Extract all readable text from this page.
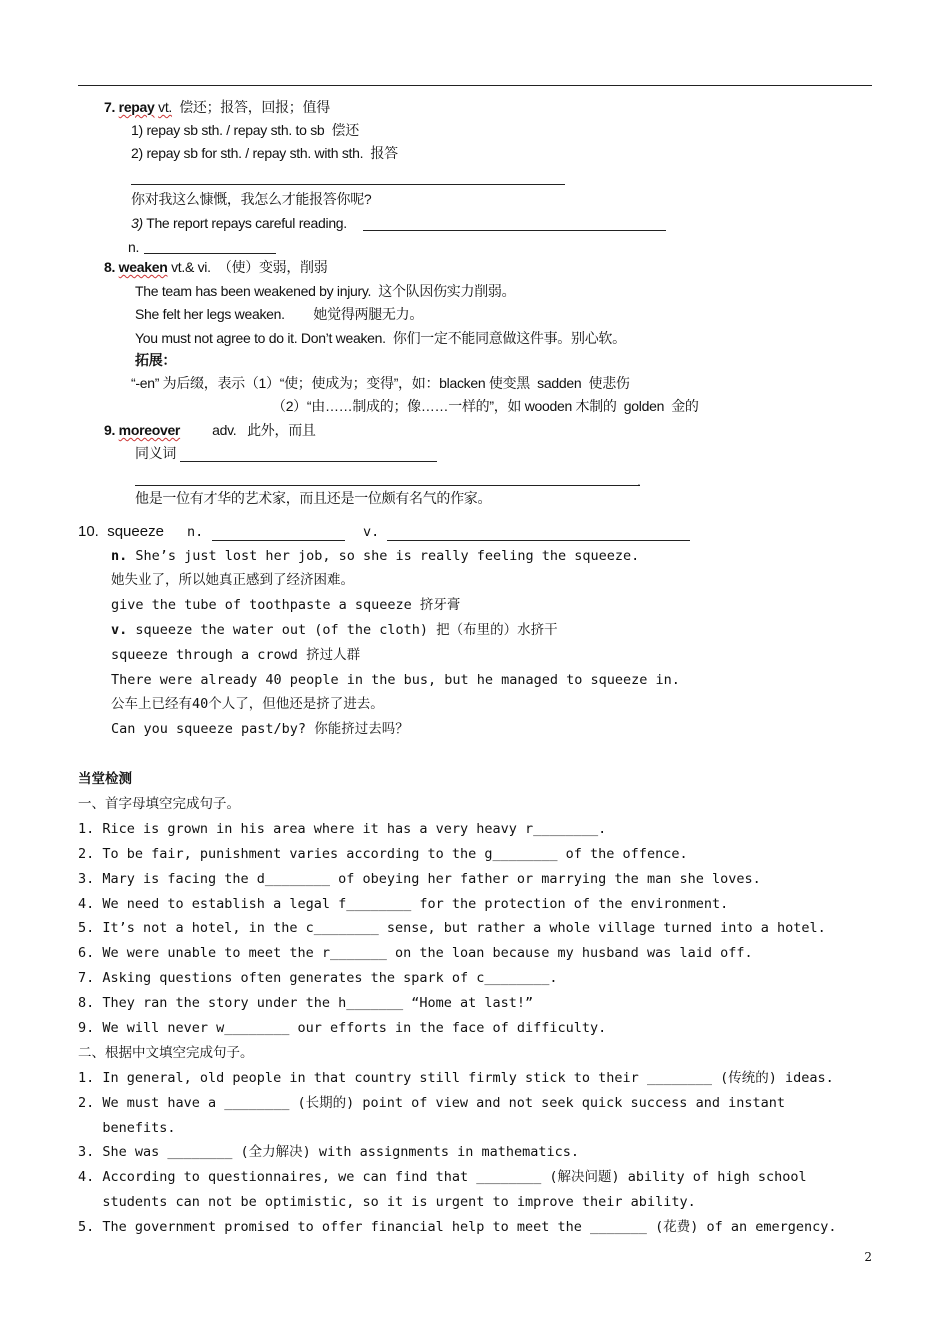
7. repay vt. 偿还；报答，回报；值得
1) repay sb sth. / repay sth. to sb  偿还
2) repay sb for sth. / repay sth. with sth.  报答
你对我这么慷慨，我怎么才能报答你呢?
3) The report repays careful reading.
n.
8. weaken vt.& vi. （使）变弱，削弱
The team has been weakened by injury.  这个队因伤实力削弱。
She felt her legs weaken.        她觉得两腿无力。
You must not agree to do it. Don’t weaken.  你们一定不能同意做这件事。别心软。
拓展：
“-en” 为后缀，表示（1）“使；使成为；变得”，如：blacken 使变黑  sadden  使悲伤
（2）“由……制成的；像……一样的”，如 wooden 木制的  golden  金的
9. moreover adv. 此外，而且
同义词
.
他是一位有才华的艺术家，而且还是一位颇有名气的作家。
10. squeeze n.	v.
n. She’s just lost her job, so she is really feeling the squeeze.
她失业了，所以她真正感到了经济困难。
give the tube of toothpaste a squeeze 挤牙膏
v. squeeze the water out (of the cloth) 把（布里的）水挤干
squeeze through a crowd 挤过人群
There were already 40 people in the bus, but he managed to squeeze in.
公车上已经有40个人了，但他还是挤了进去。
Can you squeeze past/by? 你能挤过去吗？
当堂检测
一、首字母填空完成句子。
1. Rice is grown in his area where it has a very heavy r________.
2. To be fair, punishment varies according to the g________ of the offence.
3. Mary is facing the d________ of obeying her father or marrying the man she loves.
4. We need to establish a legal f________ for the protection of the environment.
5. It’s not a hotel, in the c________ sense, but rather a whole village turned into a hotel.
6. We were unable to meet the r_______ on the loan because my husband was laid off.
7. Asking questions often generates the spark of c________.
8. They ran the story under the h_______ “Home at last!”
9. We will never w________ our efforts in the face of difficulty.
二、根据中文填空完成句子。
1. In general, old people in that country still firmly stick to their ________ (传统的) ideas.
2. We must have a ________ (长期的) point of view and not seek quick success and instant
benefits.
3. She was ________ (全力解决) with assignments in mathematics.
4. According to questionnaires, we can find that ________ (解决问题) ability of high school
students can not be optimistic, so it is urgent to improve their ability.
5. The government promised to offer financial help to meet the _______ (花费) of an emergency.
2
